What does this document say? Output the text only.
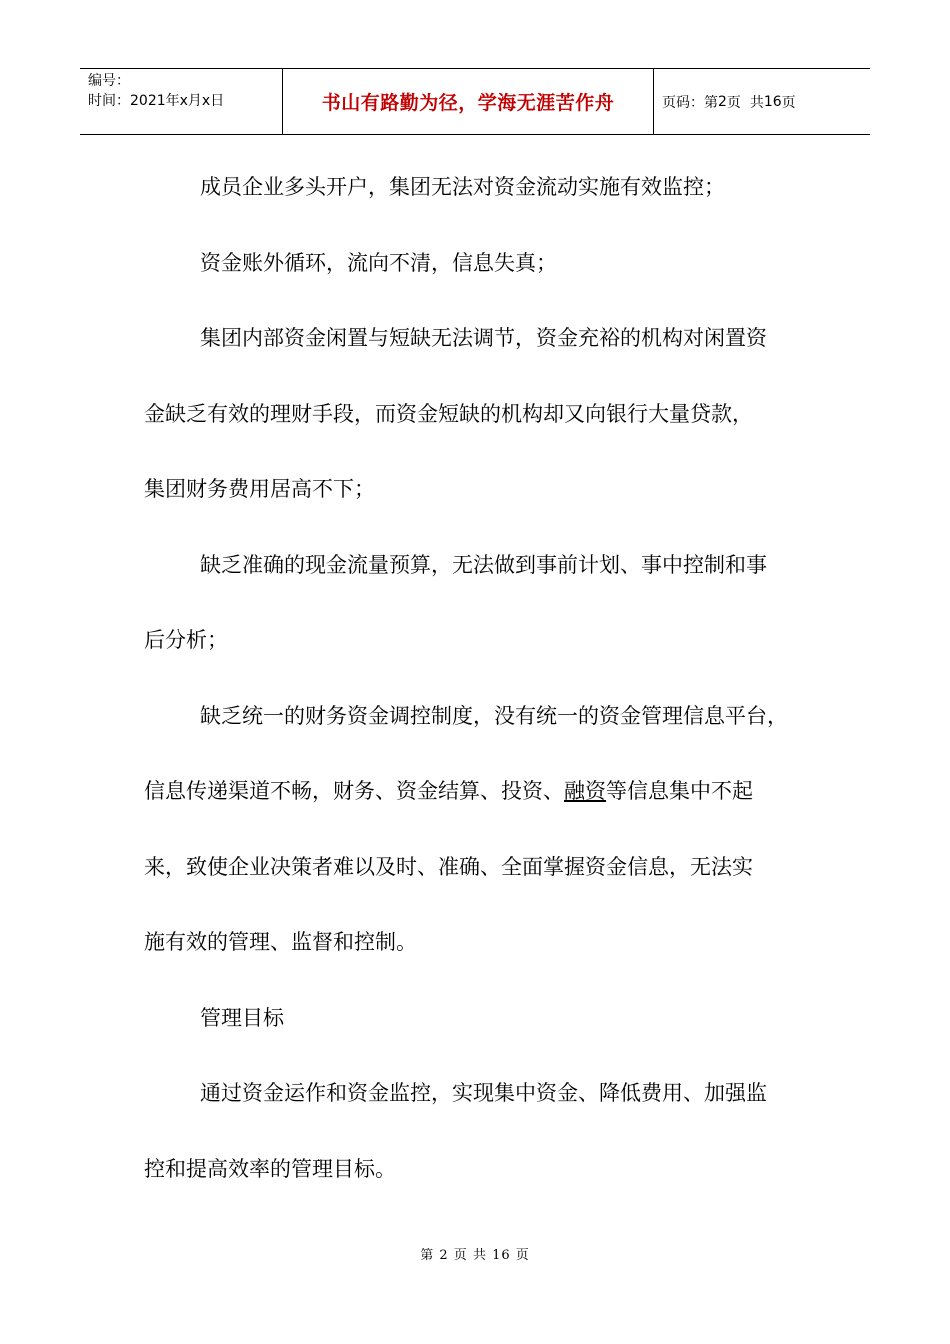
编号：
时间：2021年x月x日	书山有路勤为径，学海无涯苦作舟	页码：第 2 页  共 16 页

成员企业多头开户，集团无法对资金流动实施有效监控；

资金账外循环，流向不清，信息失真；

集团内部资金闲置与短缺无法调节，资金充裕的机构对闲置资

金缺乏有效的理财手段，而资金短缺的机构却又向银行大量贷款，

集团财务费用居高不下；

缺乏准确的现金流量预算，无法做到事前计划、事中控制和事

后分析；

缺乏统一的财务资金调控制度，没有统一的资金管理信息平台，

信息传递渠道不畅，财务、资金结算、投资、融资等信息集中不起

来，致使企业决策者难以及时、准确、全面掌握资金信息，无法实

施有效的管理、监督和控制。

管理目标

通过资金运作和资金监控，实现集中资金、降低费用、加强监

控和提高效率的管理目标。

第 2 页 共 16 页
